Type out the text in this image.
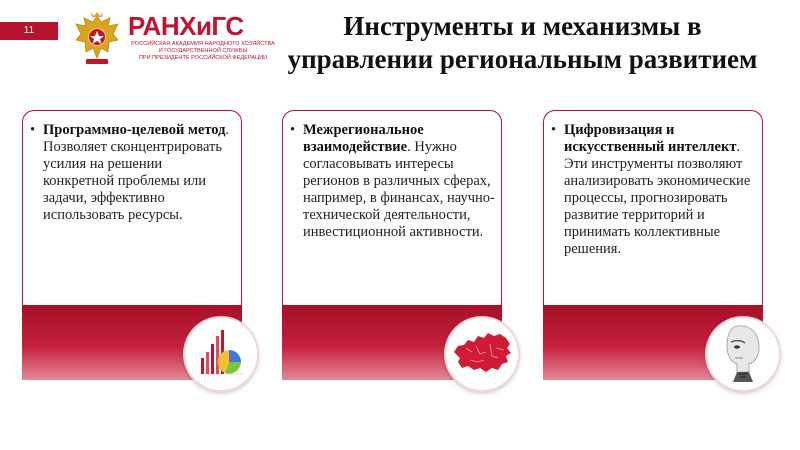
11	РАНХиГС
РОССИЙСКАЯ АКАДЕМИЯ НАРОДНОГО ХОЗЯЙСТВА
И ГОСУДАРСТВЕННОЙ СЛУЖБЫ
ПРИ ПРЕЗИДЕНТЕ РОССИЙСКОЙ ФЕДЕРАЦИИ
Инструменты и механизмы в
управлении региональным развитием
• Программно-целевой метод. Позволяет сконцентрировать усилия на решении конкретной проблемы или задачи, эффективно использовать ресурсы.
• Межрегиональное взаимодействие. Нужно согласовывать интересы регионов в различных сферах, например, в финансах, научно-технической деятельности, инвестиционной активности.
• Цифровизация и искусственный интеллект. Эти инструменты позволяют анализировать экономические процессы, прогнозировать развитие территорий и принимать коллективные решения.
